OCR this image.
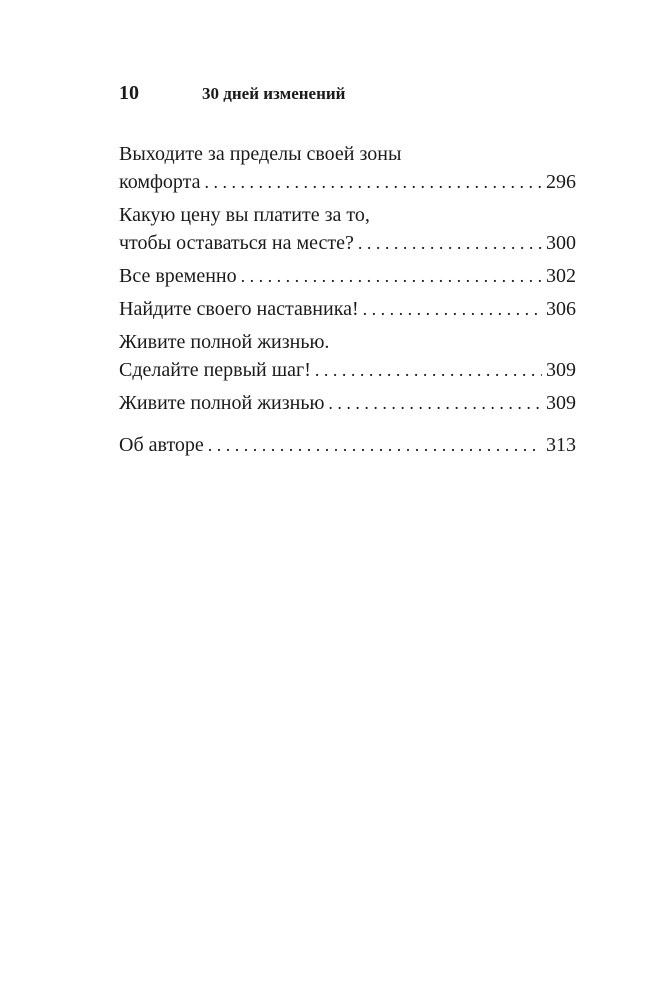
10	30 дней изменений
Выходите за пределы своей зоны
комфорта . . .	296
Какую цену вы платите за то,
чтобы оставаться на месте? . . .	300
Все временно . . .	302
Найдите своего наставника! . . .	306
Живите полной жизнью.
Сделайте первый шаг! . . .	309
Живите полной жизнью . . .	309
Об авторе . . .	313
